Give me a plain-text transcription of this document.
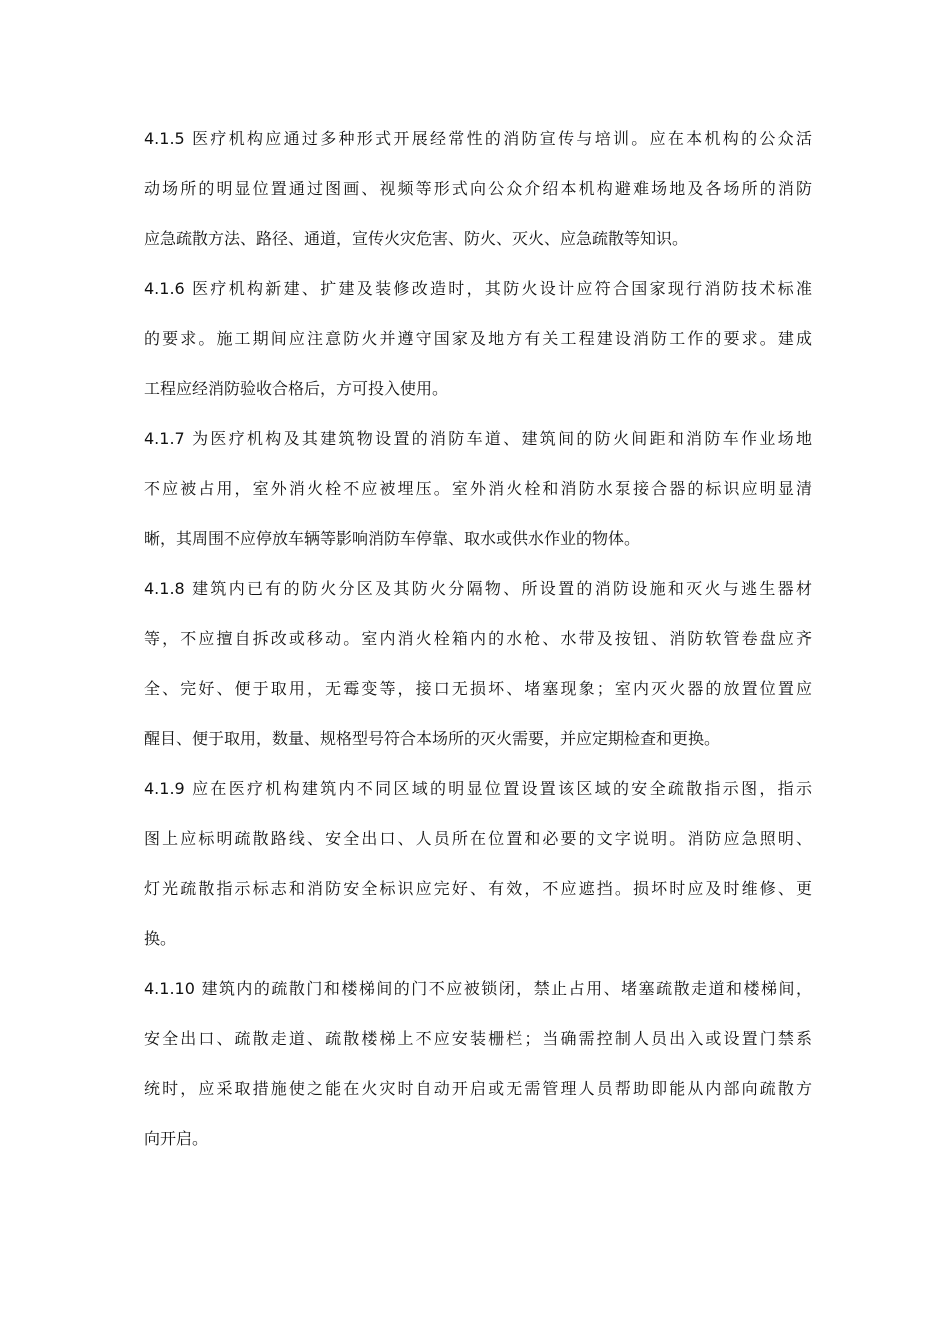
4.1.5 医疗机构应通过多种形式开展经常性的消防宣传与培训。应在本机构的公众活
动场所的明显位置通过图画、视频等形式向公众介绍本机构避难场地及各场所的消防
应急疏散方法、路径、通道，宣传火灾危害、防火、灭火、应急疏散等知识。
4.1.6 医疗机构新建、扩建及装修改造时，其防火设计应符合国家现行消防技术标准
的要求。施工期间应注意防火并遵守国家及地方有关工程建设消防工作的要求。建成
工程应经消防验收合格后，方可投入使用。
4.1.7 为医疗机构及其建筑物设置的消防车道、建筑间的防火间距和消防车作业场地
不应被占用，室外消火栓不应被埋压。室外消火栓和消防水泵接合器的标识应明显清
晰，其周围不应停放车辆等影响消防车停靠、取水或供水作业的物体。
4.1.8 建筑内已有的防火分区及其防火分隔物、所设置的消防设施和灭火与逃生器材
等，不应擅自拆改或移动。室内消火栓箱内的水枪、水带及按钮、消防软管卷盘应齐
全、完好、便于取用，无霉变等，接口无损坏、堵塞现象；室内灭火器的放置位置应
醒目、便于取用，数量、规格型号符合本场所的灭火需要，并应定期检查和更换。
4.1.9 应在医疗机构建筑内不同区域的明显位置设置该区域的安全疏散指示图，指示
图上应标明疏散路线、安全出口、人员所在位置和必要的文字说明。消防应急照明、
灯光疏散指示标志和消防安全标识应完好、有效，不应遮挡。损坏时应及时维修、更
换。
4.1.10 建筑内的疏散门和楼梯间的门不应被锁闭，禁止占用、堵塞疏散走道和楼梯间，
安全出口、疏散走道、疏散楼梯上不应安装栅栏；当确需控制人员出入或设置门禁系
统时，应采取措施使之能在火灾时自动开启或无需管理人员帮助即能从内部向疏散方
向开启。
